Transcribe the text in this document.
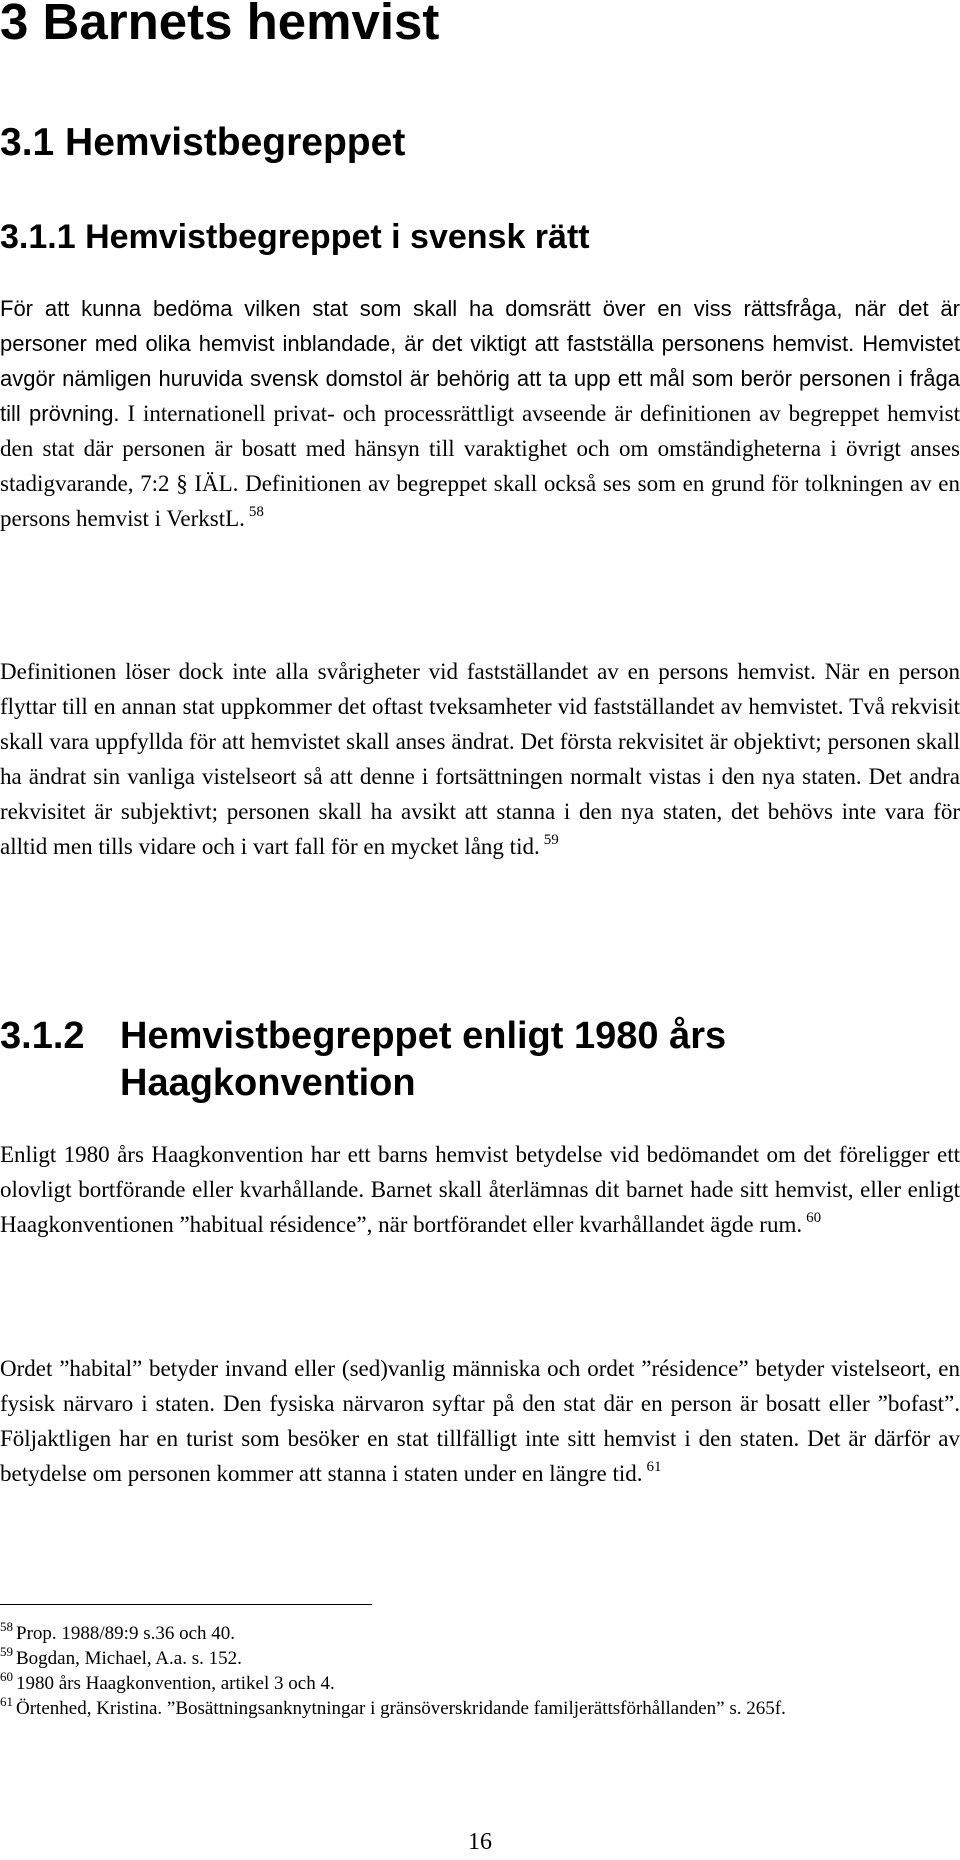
3 Barnets hemvist
3.1 Hemvistbegreppet
3.1.1 Hemvistbegreppet i svensk rätt

För att kunna bedöma vilken stat som skall ha domsrätt över en viss rättsfråga, när det är personer med olika hemvist inblandade, är det viktigt att fastställa personens hemvist. Hemvistet avgör nämligen huruvida svensk domstol är behörig att ta upp ett mål som berör personen i fråga till prövning. I internationell privat- och processrättligt avseende är definitionen av begreppet hemvist den stat där personen är bosatt med hänsyn till varaktighet och om omständigheterna i övrigt anses stadigvarande, 7:2 § IÄL. Definitionen av begreppet skall också ses som en grund för tolkningen av en persons hemvist i VerkstL. $^{58}$

Definitionen löser dock inte alla svårigheter vid fastställandet av en persons hemvist. När en person flyttar till en annan stat uppkommer det oftast tveksamheter vid fastställandet av hemvistet. Två rekvisit skall vara uppfyllda för att hemvistet skall anses ändrat. Det första rekvisitet är objektivt; personen skall ha ändrat sin vanliga vistelseort så att denne i fortsättningen normalt vistas i den nya staten. Det andra rekvisitet är subjektivt; personen skall ha avsikt att stanna i den nya staten, det behövs inte vara för alltid men tills vidare och i vart fall för en mycket lång tid. $^{59}$

3.1.2 Hemvistbegreppet enligt 1980 års Haagkonvention

Enligt 1980 års Haagkonvention har ett barns hemvist betydelse vid bedömandet om det föreligger ett olovligt bortförande eller kvarhållande. Barnet skall återlämnas dit barnet hade sitt hemvist, eller enligt Haagkonventionen ”habitual résidence”, när bortförandet eller kvarhållandet ägde rum. $^{60}$

Ordet ”habital” betyder invand eller (sed)vanlig människa och ordet ”résidence” betyder vistelseort, en fysisk närvaro i staten. Den fysiska närvaron syftar på den stat där en person är bosatt eller ”bofast”. Följaktligen har en turist som besöker en stat tillfälligt inte sitt hemvist i den staten. Det är därför av betydelse om personen kommer att stanna i staten under en längre tid. $^{61}$

$^{58}$ Prop. 1988/89:9 s.36 och 40.

$^{59}$ Bogdan, Michael, A.a. s. 152.

$^{60}$ 1980 års Haagkonvention, artikel 3 och 4.

$^{61}$ Örtenhed, Kristina. ”Bosättningsanknytningar i gränsöverskridande familjerättsförhållanden” s. 265f.

16
